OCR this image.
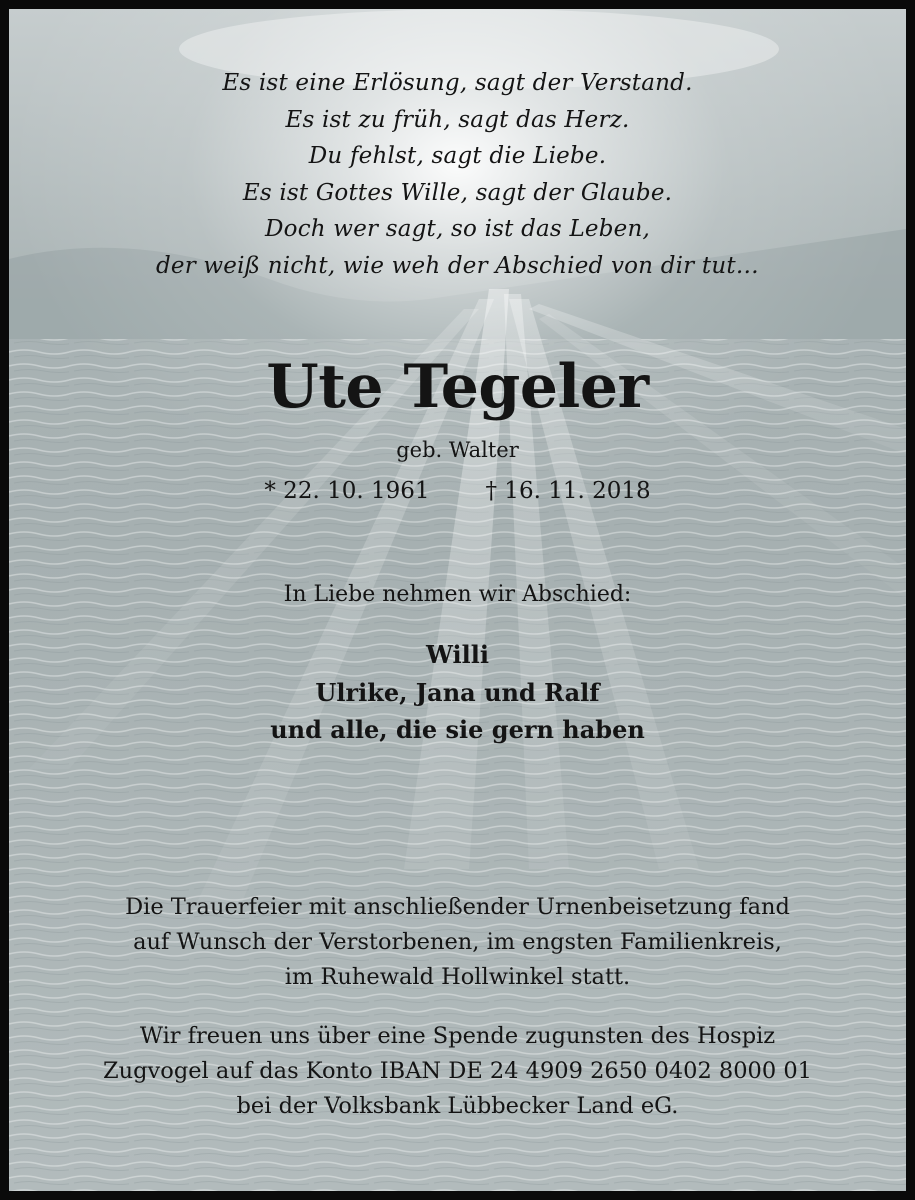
Es ist eine Erlösung, sagt der Verstand.
Es ist zu früh, sagt das Herz.
Du fehlst, sagt die Liebe.
Es ist Gottes Wille, sagt der Glaube.
Doch wer sagt, so ist das Leben,
der weiß nicht, wie weh der Abschied von dir tut…
Ute Tegeler
geb. Walter
* 22. 10. 1961 † 16. 11. 2018
In Liebe nehmen wir Abschied:
Willi
Ulrike, Jana und Ralf
und alle, die sie gern haben
Die Trauerfeier mit anschließender Urnenbeisetzung fand
auf Wunsch der Verstorbenen, im engsten Familienkreis,
im Ruhewald Hollwinkel statt.
Wir freuen uns über eine Spende zugunsten des Hospiz
Zugvogel auf das Konto IBAN DE 24 4909 2650 0402 8000 01
bei der Volksbank Lübbecker Land eG.
